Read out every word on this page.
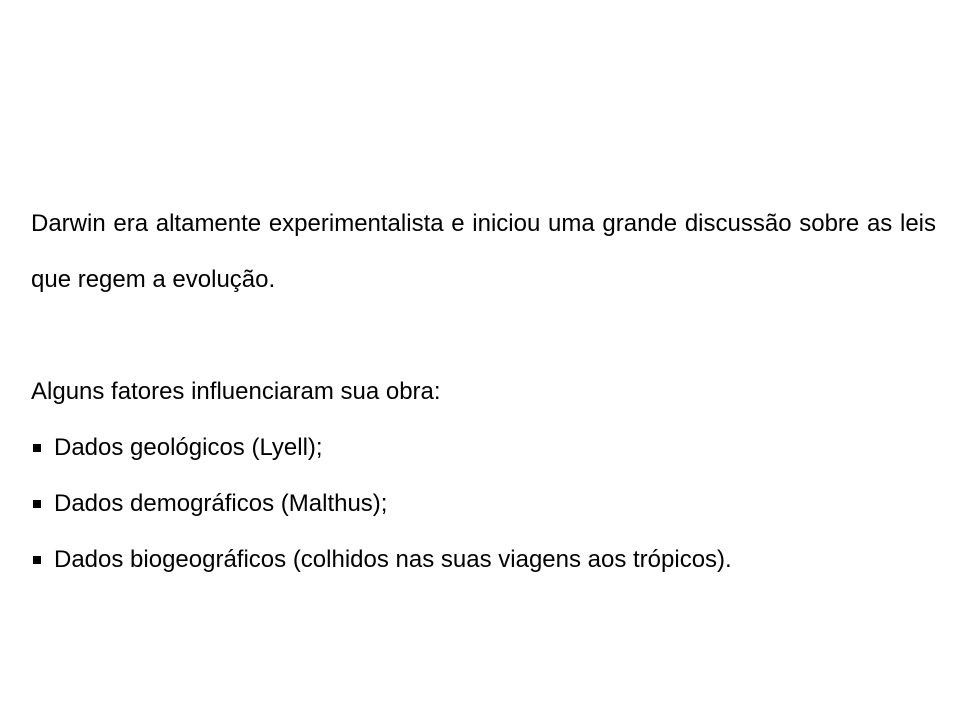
Darwin era altamente experimentalista e iniciou uma grande discussão sobre as leis que regem a evolução.

Alguns fatores influenciaram sua obra:

Dados geológicos (Lyell);
Dados demográficos (Malthus);
Dados biogeográficos (colhidos nas suas viagens aos trópicos).
